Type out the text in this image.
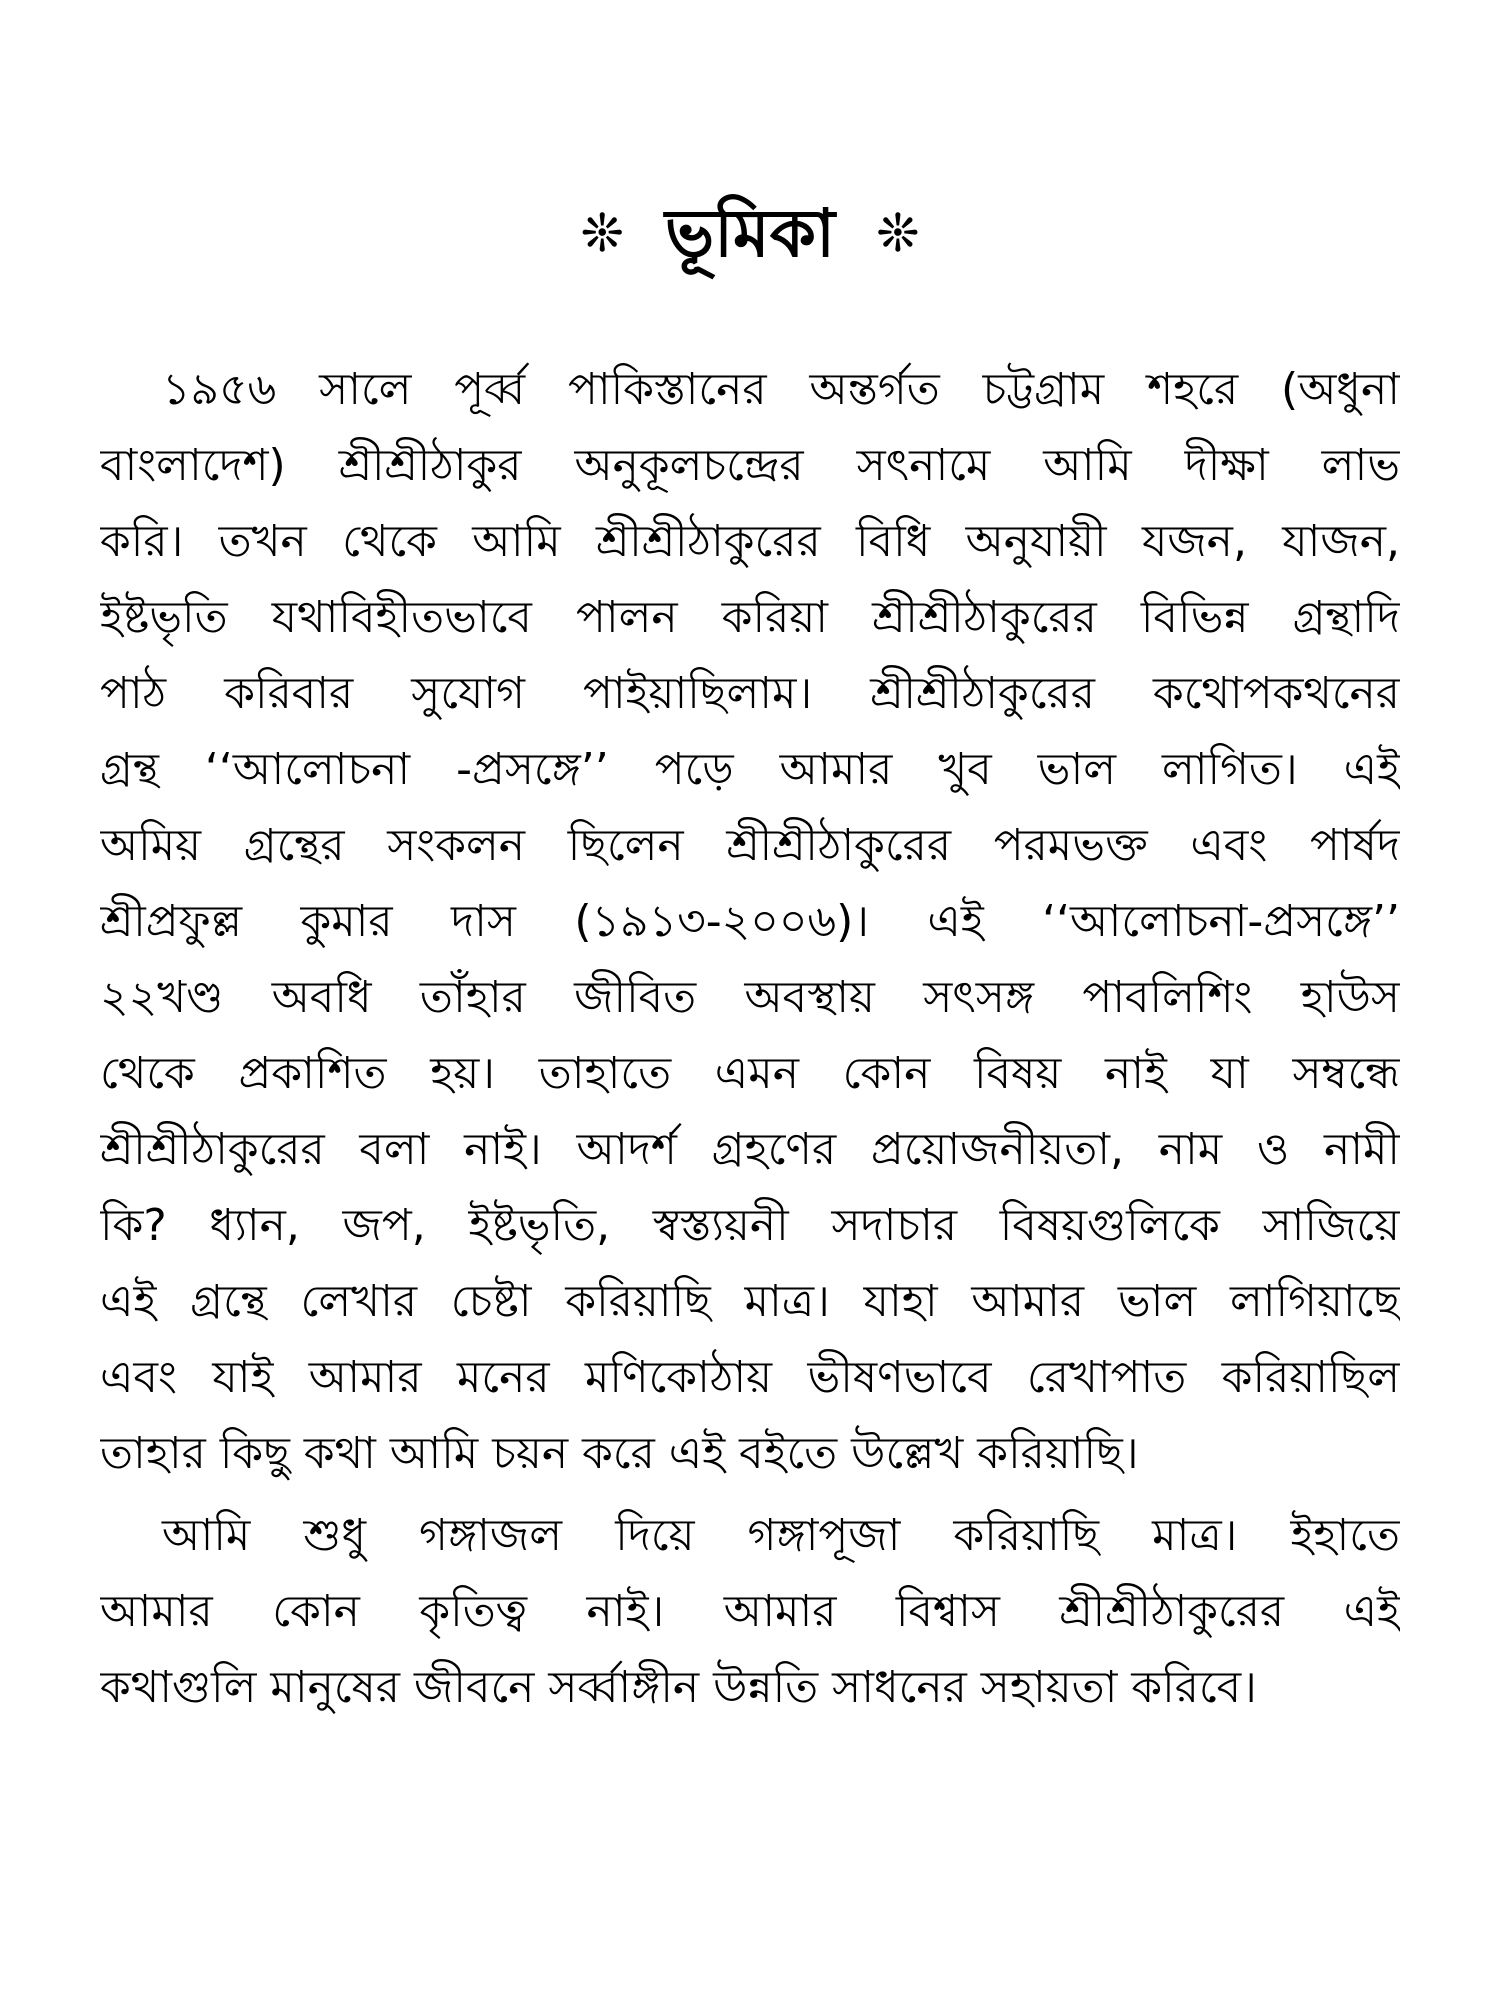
❊ ভূমিকা ❊
১৯৫৬ সালে পূর্ব্ব পাকিস্তানের অন্তর্গত চট্টগ্রাম শহরে (অধুনা
বাংলাদেশ) শ্রীশ্রীঠাকুর অনুকূলচন্দ্রের সৎনামে আমি দীক্ষা লাভ
করি। তখন থেকে আমি শ্রীশ্রীঠাকুরের বিধি অনুযায়ী যজন, যাজন,
ইষ্টভৃতি যথাবিহীতভাবে পালন করিয়া শ্রীশ্রীঠাকুরের বিভিন্ন গ্রন্থাদি
পাঠ করিবার সুযোগ পাইয়াছিলাম। শ্রীশ্রীঠাকুরের কথোপকথনের
গ্রন্থ ‘‘আলোচনা -প্রসঙ্গে’’ পড়ে আমার খুব ভাল লাগিত। এই
অমিয় গ্রন্থের সংকলন ছিলেন শ্রীশ্রীঠাকুরের পরমভক্ত এবং পার্ষদ
শ্রীপ্রফুল্ল কুমার দাস (১৯১৩-২০০৬)। এই ‘‘আলোচনা-প্রসঙ্গে’’
২২খণ্ড অবধি তাঁহার জীবিত অবস্থায় সৎসঙ্গ পাবলিশিং হাউস
থেকে প্রকাশিত হয়। তাহাতে এমন কোন বিষয় নাই যা সম্বন্ধে
শ্রীশ্রীঠাকুরের বলা নাই। আদর্শ গ্রহণের প্রয়োজনীয়তা, নাম ও নামী
কি? ধ্যান, জপ, ইষ্টভৃতি, স্বস্ত্যয়নী সদাচার বিষয়গুলিকে সাজিয়ে
এই গ্রন্থে লেখার চেষ্টা করিয়াছি মাত্র। যাহা আমার ভাল লাগিয়াছে
এবং যাই আমার মনের মণিকোঠায় ভীষণভাবে রেখাপাত করিয়াছিল
তাহার কিছু কথা আমি চয়ন করে এই বইতে উল্লেখ করিয়াছি।
আমি শুধু গঙ্গাজল দিয়ে গঙ্গাপূজা করিয়াছি মাত্র। ইহাতে
আমার কোন কৃতিত্ব নাই। আমার বিশ্বাস শ্রীশ্রীঠাকুরের এই
কথাগুলি মানুষের জীবনে সর্ব্বাঙ্গীন উন্নতি সাধনের সহায়তা করিবে।
